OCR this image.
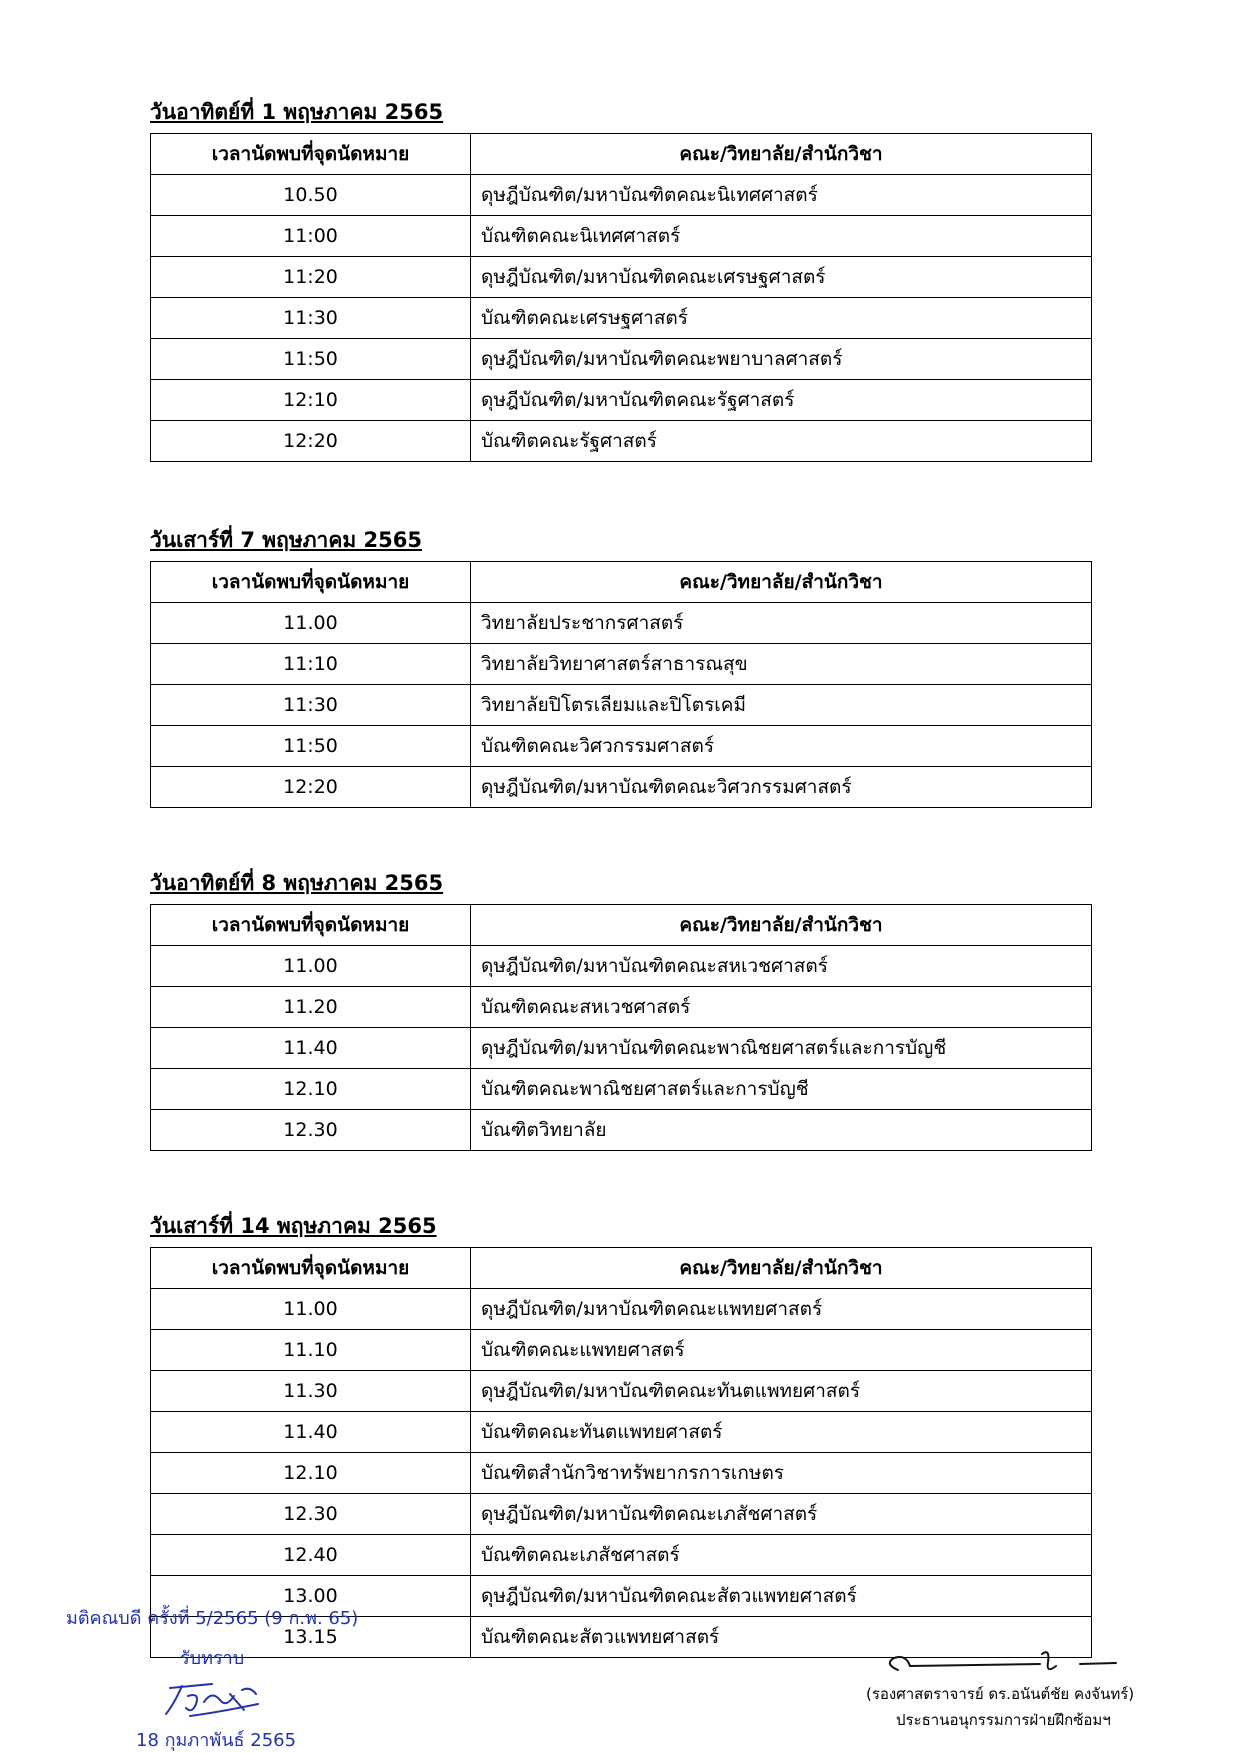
วันอาทิตย์ที่ 1 พฤษภาคม 2565
เวลานัดพบที่จุดนัดหมาย	คณะ/วิทยาลัย/สำนักวิชา
10.50	ดุษฎีบัณฑิต/มหาบัณฑิตคณะนิเทศศาสตร์
11:00	บัณฑิตคณะนิเทศศาสตร์
11:20	ดุษฎีบัณฑิต/มหาบัณฑิตคณะเศรษฐศาสตร์
11:30	บัณฑิตคณะเศรษฐศาสตร์
11:50	ดุษฎีบัณฑิต/มหาบัณฑิตคณะพยาบาลศาสตร์
12:10	ดุษฎีบัณฑิต/มหาบัณฑิตคณะรัฐศาสตร์
12:20	บัณฑิตคณะรัฐศาสตร์
วันเสาร์ที่ 7 พฤษภาคม 2565
เวลานัดพบที่จุดนัดหมาย	คณะ/วิทยาลัย/สำนักวิชา
11.00	วิทยาลัยประชากรศาสตร์
11:10	วิทยาลัยวิทยาศาสตร์สาธารณสุข
11:30	วิทยาลัยปิโตรเลียมและปิโตรเคมี
11:50	บัณฑิตคณะวิศวกรรมศาสตร์
12:20	ดุษฎีบัณฑิต/มหาบัณฑิตคณะวิศวกรรมศาสตร์
วันอาทิตย์ที่ 8 พฤษภาคม 2565
เวลานัดพบที่จุดนัดหมาย	คณะ/วิทยาลัย/สำนักวิชา
11.00	ดุษฎีบัณฑิต/มหาบัณฑิตคณะสหเวชศาสตร์
11.20	บัณฑิตคณะสหเวชศาสตร์
11.40	ดุษฎีบัณฑิต/มหาบัณฑิตคณะพาณิชยศาสตร์และการบัญชี
12.10	บัณฑิตคณะพาณิชยศาสตร์และการบัญชี
12.30	บัณฑิตวิทยาลัย
วันเสาร์ที่ 14 พฤษภาคม 2565
เวลานัดพบที่จุดนัดหมาย	คณะ/วิทยาลัย/สำนักวิชา
11.00	ดุษฎีบัณฑิต/มหาบัณฑิตคณะแพทยศาสตร์
11.10	บัณฑิตคณะแพทยศาสตร์
11.30	ดุษฎีบัณฑิต/มหาบัณฑิตคณะทันตแพทยศาสตร์
11.40	บัณฑิตคณะทันตแพทยศาสตร์
12.10	บัณฑิตสำนักวิชาทรัพยากรการเกษตร
12.30	ดุษฎีบัณฑิต/มหาบัณฑิตคณะเภสัชศาสตร์
12.40	บัณฑิตคณะเภสัชศาสตร์
13.00	ดุษฎีบัณฑิต/มหาบัณฑิตคณะสัตวแพทยศาสตร์
13.15	บัณฑิตคณะสัตวแพทยศาสตร์
มติคณบดี ครั้งที่ 5/2565 (9 ก.พ. 65)
รับทราบ
18 กุมภาพันธ์ 2565
(รองศาสตราจารย์ ดร.อนันต์ชัย คงจันทร์)
ประธานอนุกรรมการฝ่ายฝึกซ้อมฯ
